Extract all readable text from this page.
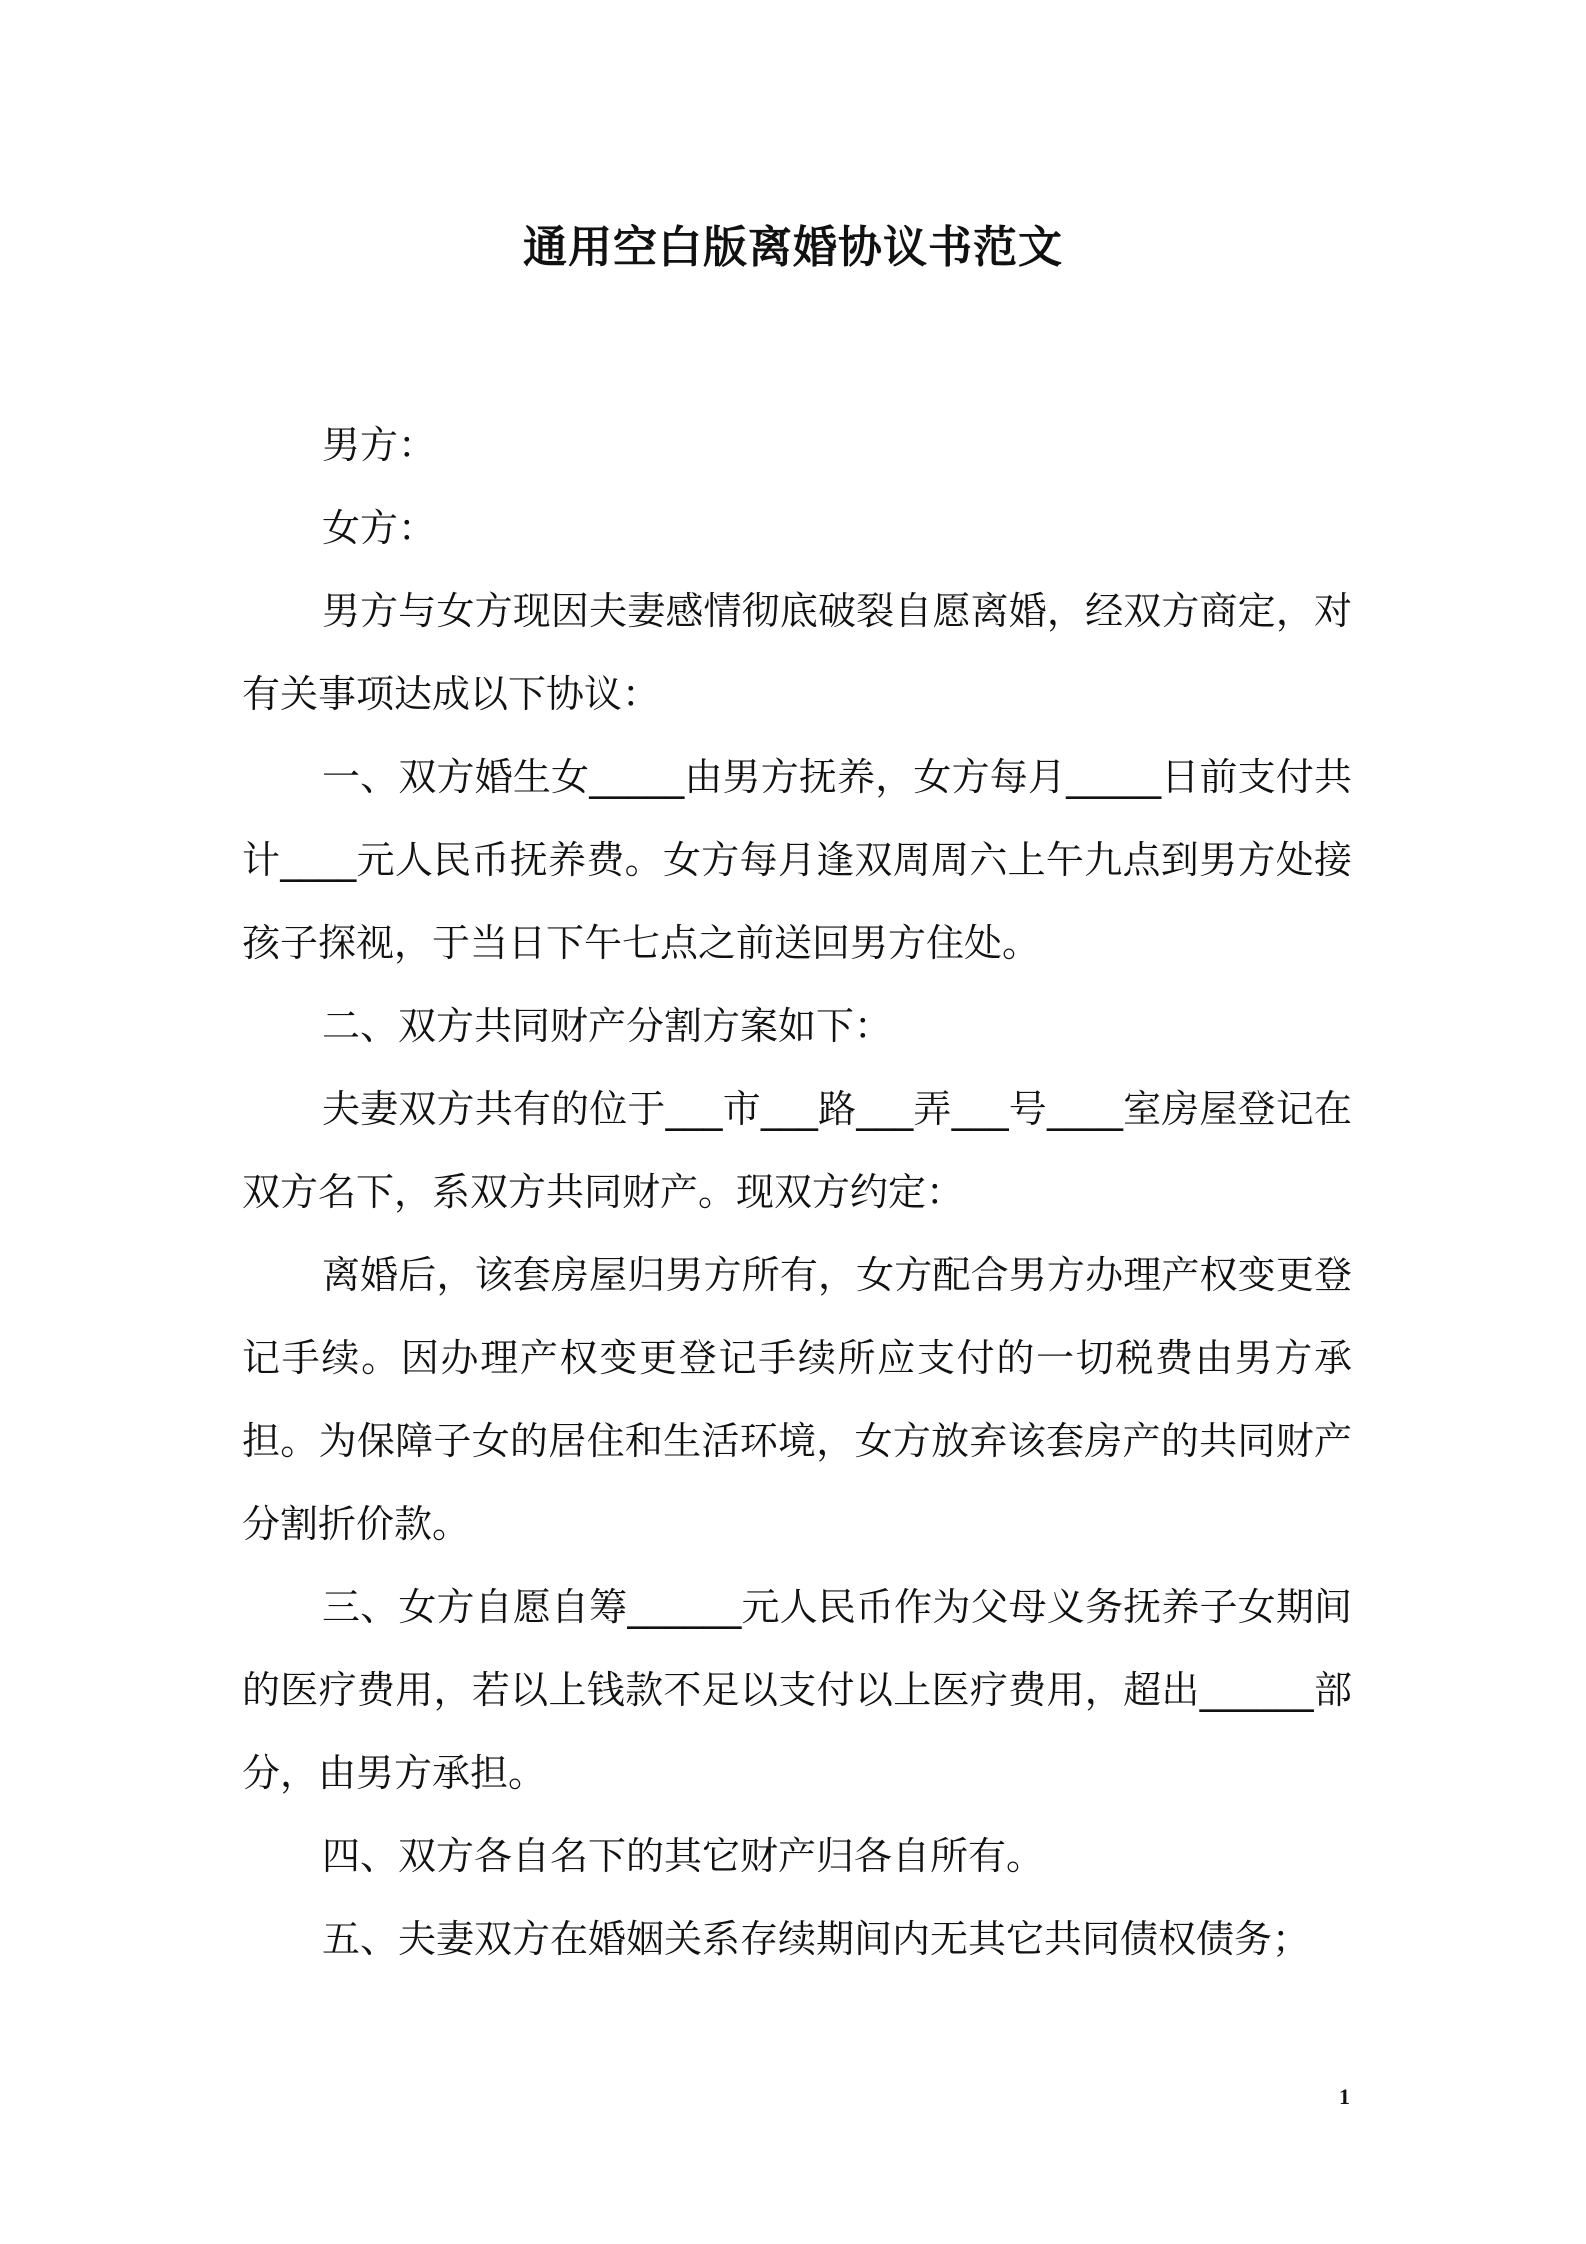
通用空白版离婚协议书范文

男方：

女方：

男方与女方现因夫妻感情彻底破裂自愿离婚，经双方商定，对有关事项达成以下协议：

一、双方婚生女_____由男方抚养，女方每月_____日前支付共计____元人民币抚养费。女方每月逢双周周六上午九点到男方处接孩子探视，于当日下午七点之前送回男方住处。

二、双方共同财产分割方案如下：

夫妻双方共有的位于___市___路___弄___号____室房屋登记在双方名下，系双方共同财产。现双方约定：

离婚后，该套房屋归男方所有，女方配合男方办理产权变更登记手续。因办理产权变更登记手续所应支付的一切税费由男方承担。为保障子女的居住和生活环境，女方放弃该套房产的共同财产分割折价款。

三、女方自愿自筹______元人民币作为父母义务抚养子女期间的医疗费用，若以上钱款不足以支付以上医疗费用，超出______部分，由男方承担。

四、双方各自名下的其它财产归各自所有。

五、夫妻双方在婚姻关系存续期间内无其它共同债权债务；

1
